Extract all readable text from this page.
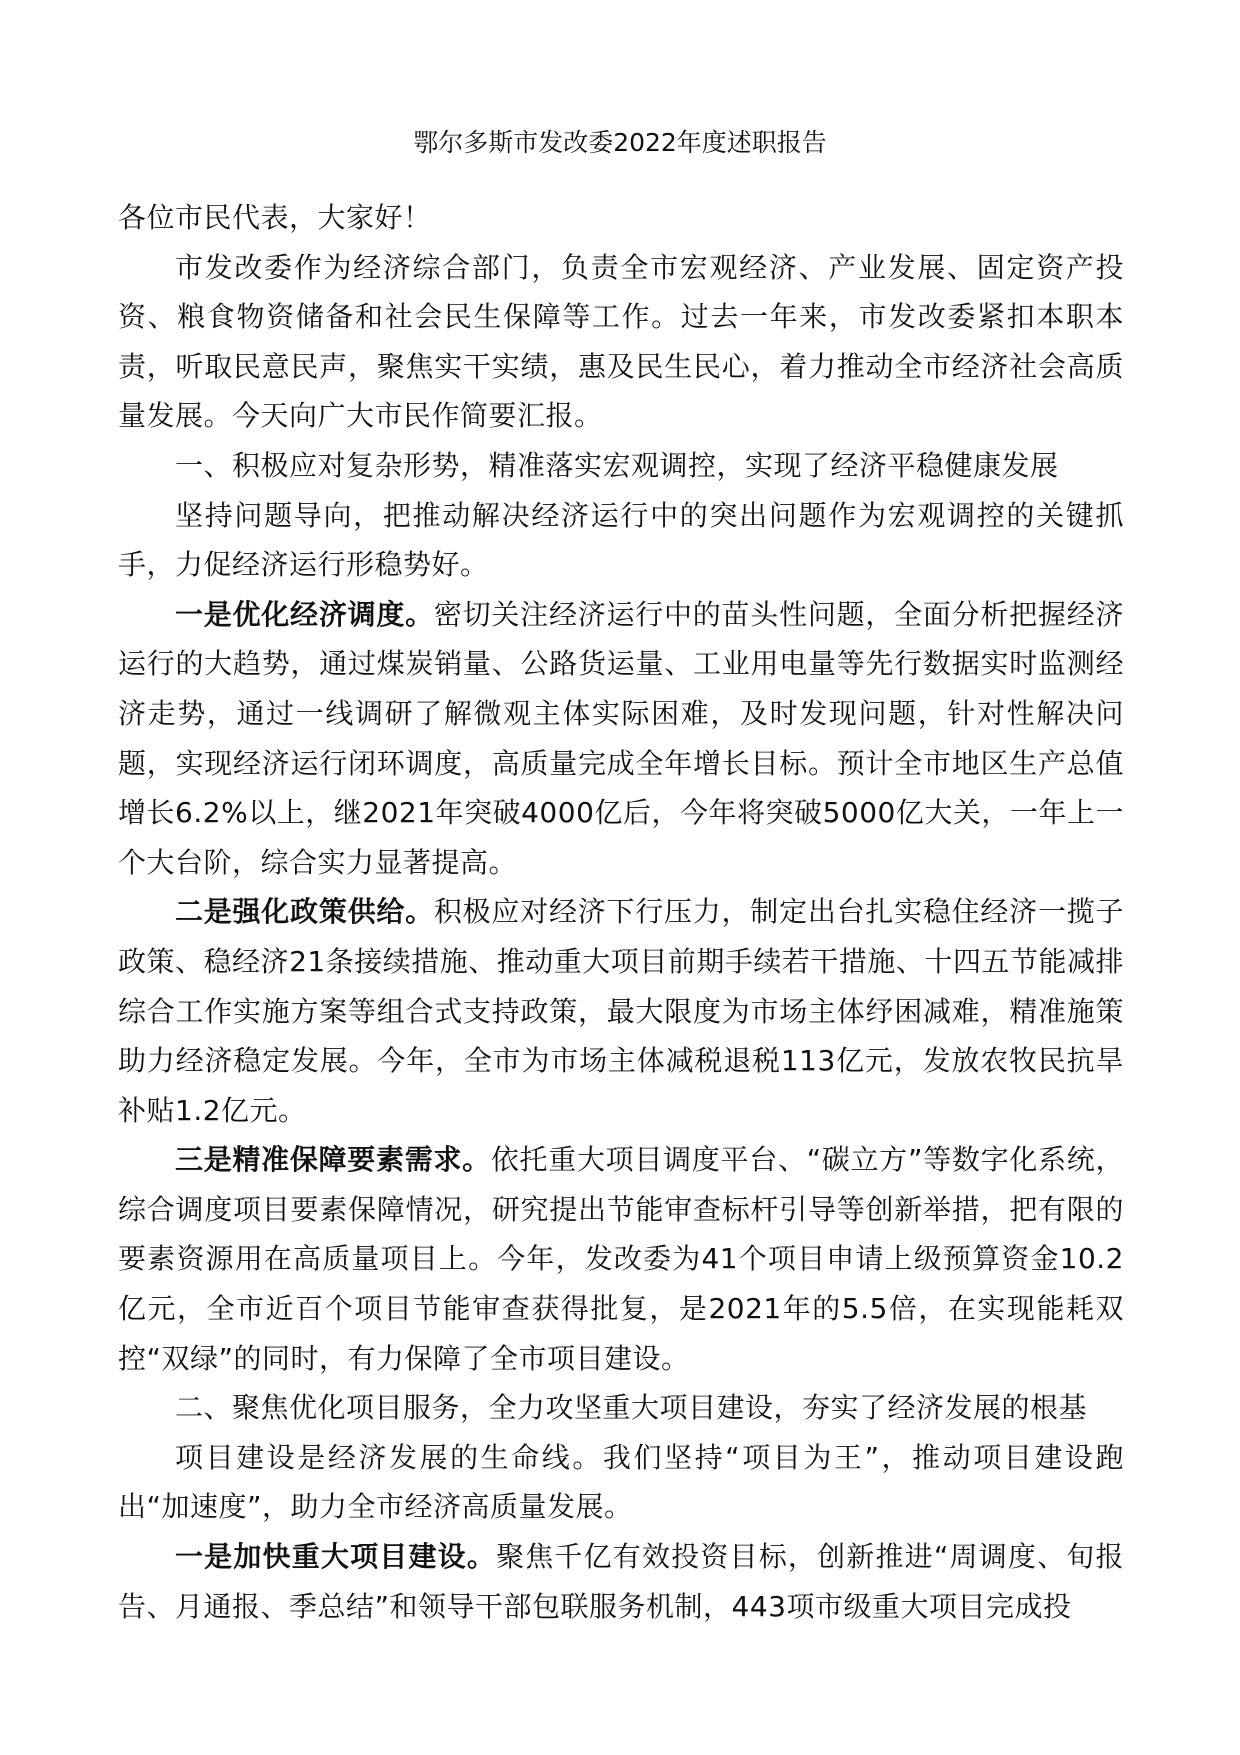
鄂尔多斯市发改委2022年度述职报告

各位市民代表，大家好！

市发改委作为经济综合部门，负责全市宏观经济、产业发展、固定资产投资、粮食物资储备和社会民生保障等工作。过去一年来，市发改委紧扣本职本责，听取民意民声，聚焦实干实绩，惠及民生民心，着力推动全市经济社会高质量发展。今天向广大市民作简要汇报。

一、积极应对复杂形势，精准落实宏观调控，实现了经济平稳健康发展

坚持问题导向，把推动解决经济运行中的突出问题作为宏观调控的关键抓手，力促经济运行形稳势好。

一是优化经济调度。密切关注经济运行中的苗头性问题，全面分析把握经济运行的大趋势，通过煤炭销量、公路货运量、工业用电量等先行数据实时监测经济走势，通过一线调研了解微观主体实际困难，及时发现问题，针对性解决问题，实现经济运行闭环调度，高质量完成全年增长目标。预计全市地区生产总值增长6.2%以上，继2021年突破4000亿后，今年将突破5000亿大关，一年上一个大台阶，综合实力显著提高。

二是强化政策供给。积极应对经济下行压力，制定出台扎实稳住经济一揽子政策、稳经济21条接续措施、推动重大项目前期手续若干措施、十四五节能减排综合工作实施方案等组合式支持政策，最大限度为市场主体纾困减难，精准施策助力经济稳定发展。今年，全市为市场主体减税退税113亿元，发放农牧民抗旱补贴1.2亿元。

三是精准保障要素需求。依托重大项目调度平台、“碳立方”等数字化系统，综合调度项目要素保障情况，研究提出节能审查标杆引导等创新举措，把有限的要素资源用在高质量项目上。今年，发改委为41个项目申请上级预算资金10.2亿元，全市近百个项目节能审查获得批复，是2021年的5.5倍，在实现能耗双控“双绿”的同时，有力保障了全市项目建设。

二、聚焦优化项目服务，全力攻坚重大项目建设，夯实了经济发展的根基

项目建设是经济发展的生命线。我们坚持“项目为王”，推动项目建设跑出“加速度”，助力全市经济高质量发展。

一是加快重大项目建设。聚焦千亿有效投资目标，创新推进“周调度、旬报告、月通报、季总结”和领导干部包联服务机制，443项市级重大项目完成投
